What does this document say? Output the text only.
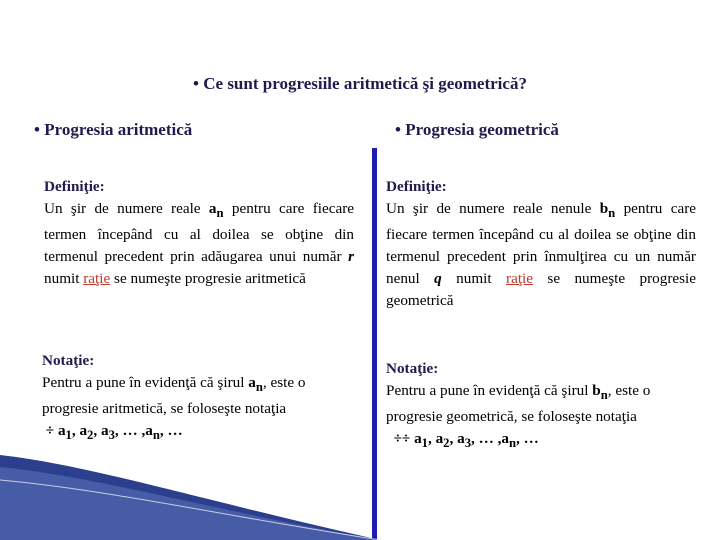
• Ce sunt progresiile aritmetică şi geometrică?
• Progresia aritmetică	• Progresia geometrică
Definiţie:
Un şir de numere reale $a_n$ pentru care fiecare termen începând cu al doilea se obţine din termenul precedent prin adăugarea unui număr r numit raţie se numeşte progresie aritmetică
Definiţie:
Un şir de numere reale nenule $b_n$ pentru care fiecare termen începând cu al doilea se obţine din termenul precedent prin înmulţirea cu un număr nenul q numit raţie se numeşte progresie geometrică
Notaţie:
Pentru a pune în evidenţă că şirul $a_n$, este o progresie aritmetică, se foloseşte notaţia
÷ $a_1$, $a_2$, $a_3$, … $,a_n$, …
Notaţie:
Pentru a pune în evidenţă că şirul $b_n$, este o progresie geometrică, se foloseşte notaţia
÷÷ $a_1$, $a_2$, $a_3$, … $,a_n$, …
